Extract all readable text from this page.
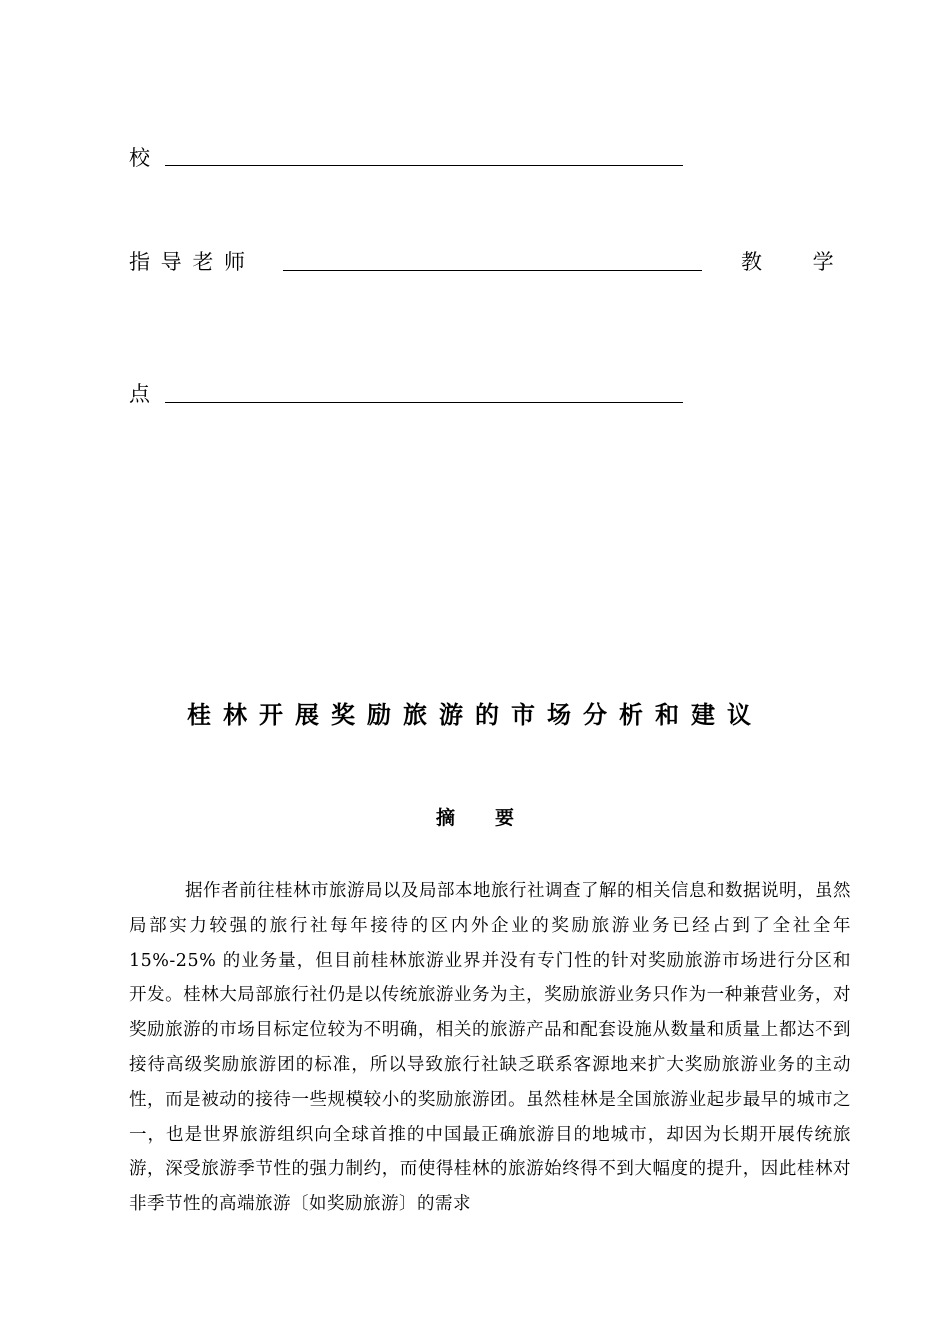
校
指 导 老 师	教 学
点
桂林开展奖励旅游的市场分析和建议
摘要
据作者前往桂林市旅游局以及局部本地旅行社调查了解的相关信息和数据说明，虽然局部实力较强的旅行社每年接待的区内外企业的奖励旅游业务已经占到了全社全年15%-25% 的业务量，但目前桂林旅游业界并没有专门性的针对奖励旅游市场进行分区和开发。桂林大局部旅行社仍是以传统旅游业务为主，奖励旅游业务只作为一种兼营业务，对奖励旅游的市场目标定位较为不明确，相关的旅游产品和配套设施从数量和质量上都达不到接待高级奖励旅游团的标准，所以导致旅行社缺乏联系客源地来扩大奖励旅游业务的主动性，而是被动的接待一些规模较小的奖励旅游团。虽然桂林是全国旅游业起步最早的城市之一，也是世界旅游组织向全球首推的中国最正确旅游目的地城市，却因为长期开展传统旅游，深受旅游季节性的强力制约，而使得桂林的旅游始终得不到大幅度的提升，因此桂林对非季节性的高端旅游〔如奖励旅游〕的需求
